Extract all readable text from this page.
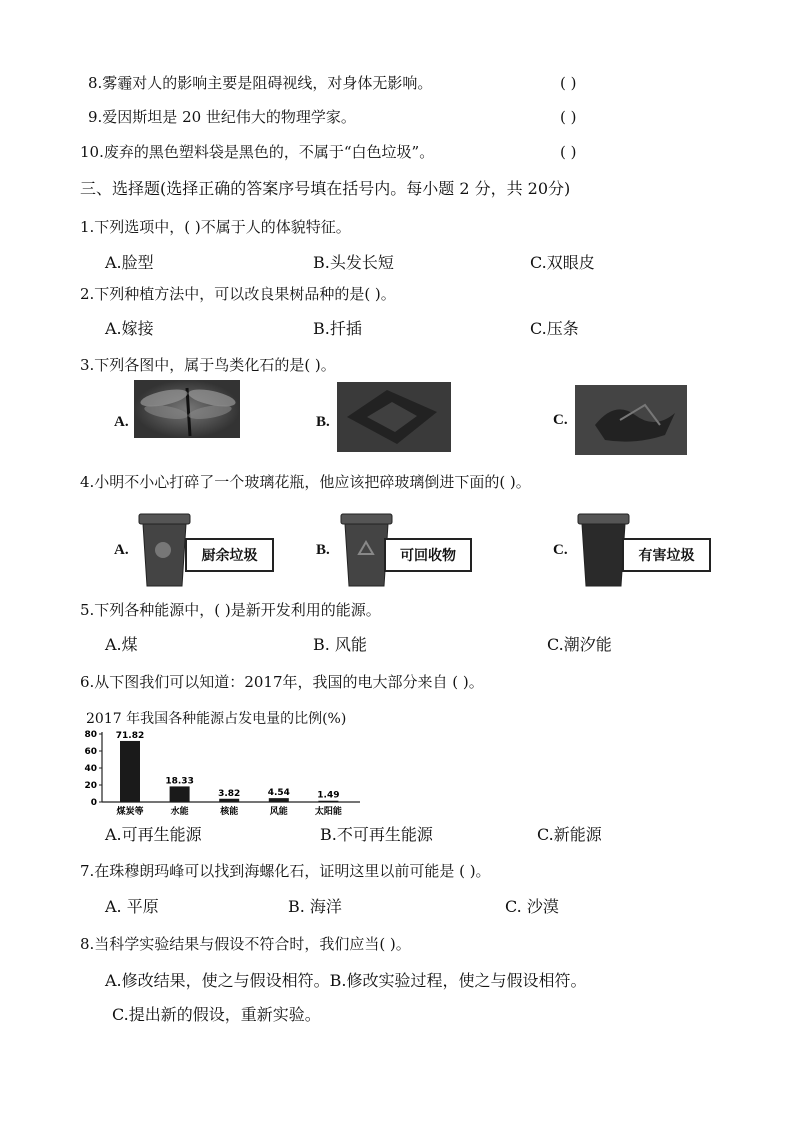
8.雾霾对人的影响主要是阻碍视线，对身体无影响。	( )
9.爱因斯坦是 20 世纪伟大的物理学家。	( )
10.废弃的黑色塑料袋是黑色的，不属于“白色垃圾”。	( )
三、选择题(选择正确的答案序号填在括号内。每小题 2 分，共 20分)
1.下列选项中，( )不属于人的体貌特征。
A.脸型	B.头发长短	C.双眼皮
2.下列种植方法中，可以改良果树品种的是( )。
A.嫁接	B.扦插	C.压条
3.下列各图中，属于鸟类化石的是( )。
A.	B.	C.
4.小明不小心打碎了一个玻璃花瓶，他应该把碎玻璃倒进下面的( )。
A.	厨余垃圾	B.	可回收物	C.	有害垃圾
5.下列各种能源中，( )是新开发利用的能源。
A.煤	B. 风能	C.潮汐能
6.从下图我们可以知道：2017年，我国的电大部分来自 ( )。
2017 年我国各种能源占发电量的比例(%)
80
60
40
20
0
71.82
煤炭等
18.33
水能
3.82
核能
4.54
风能
1.49
太阳能
A.可再生能源	B.不可再生能源	C.新能源
7.在珠穆朗玛峰可以找到海螺化石，证明这里以前可能是 ( )。
A. 平原	B. 海洋	C. 沙漠
8.当科学实验结果与假设不符合时，我们应当( )。
A.修改结果，使之与假设相符。B.修改实验过程，使之与假设相符。
C.提出新的假设，重新实验。
